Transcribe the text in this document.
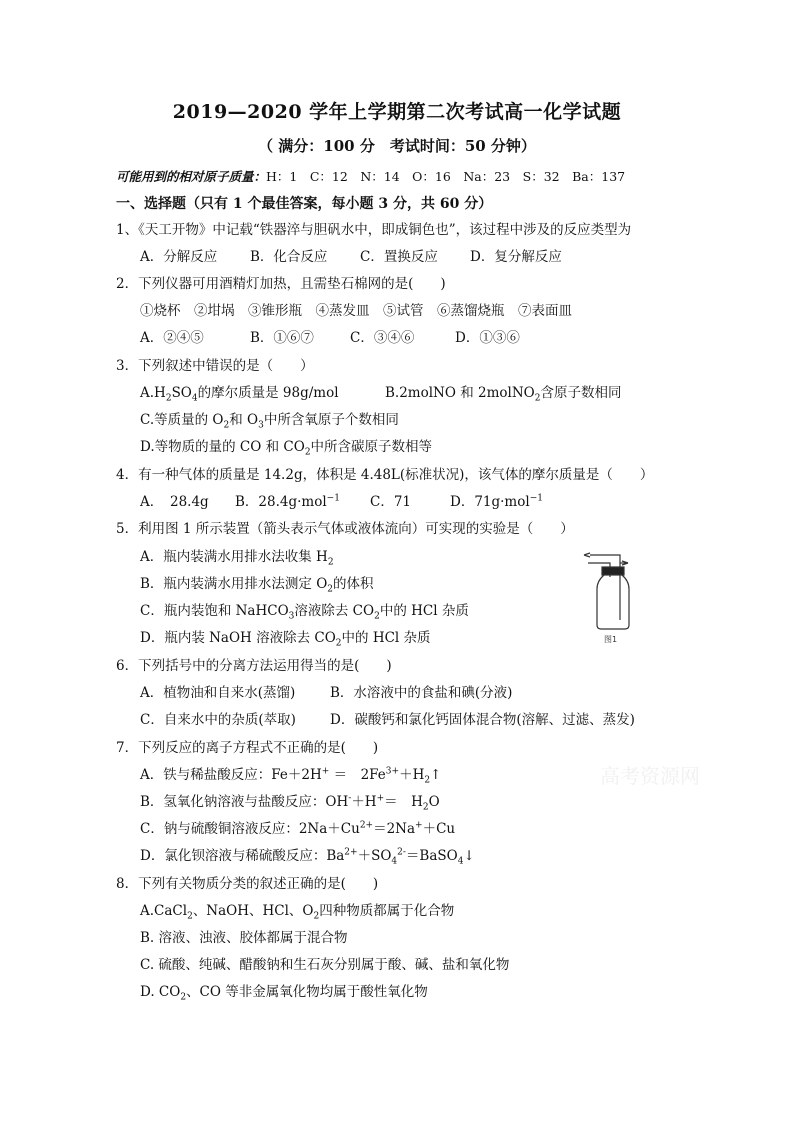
2019—2020 学年上学期第二次考试高一化学试题
（ 满分：100 分　考试时间：50 分钟）
可能用到的相对原子质量：H：1　C：12　N：14　O：16　Na：23　S：32　Ba：137
一、选择题（只有 1 个最佳答案，每小题 3 分，共 60 分）
1、《天工开物》中记载“铁器淬与胆矾水中，即成铜色也”，该过程中涉及的反应类型为
A．分解反应 B．化合反应 C．置换反应 D．复分解反应
2．下列仪器可用酒精灯加热，且需垫石棉网的是(　　)
①烧杯　②坩埚　③锥形瓶　④蒸发皿　⑤试管　⑥蒸馏烧瓶　⑦表面皿
A．②④⑤	B．①⑥⑦	C．③④⑥	D．①③⑥
3．下列叙述中错误的是（　　）
$A.H_2SO_4$的摩尔质量是 98g/mol	B.2molNO 和 2molNO$_2$含原子数相同
C.等质量的 $O_2$和 $O_3$中所含氧原子个数相同
D.等物质的量的 CO 和 $CO_2$中所含碳原子数相等
4．有一种气体的质量是 14.2g，体积是 4.48L(标准状况)，该气体的摩尔质量是（　　）
A．　28.4g B．28.4g·mol$^{-1}$ C．71	D．71g·mol$^{-1}$
5．利用图 1 所示装置（箭头表示气体或液体流向）可实现的实验是（　　）
A．瓶内装满水用排水法收集 $H_2$
B．瓶内装满水用排水法测定 $O_2$的体积
C．瓶内装饱和 NaHCO$_3$溶液除去 $CO_2$中的 HCl 杂质
D．瓶内装 NaOH 溶液除去 $CO_2$中的 HCl 杂质	图1
6．下列括号中的分离方法运用得当的是(　　)
A．植物油和自来水(蒸馏)	B．水溶液中的食盐和碘(分液)
C．自来水中的杂质(萃取)	D．碳酸钙和氯化钙固体混合物(溶解、过滤、蒸发)
7．下列反应的离子方程式不正确的是(　　)
A．铁与稀盐酸反应：Fe＋2H+ ＝　$2Fe^{3+}+H_2↑$
B．氢氧化钠溶液与盐酸反应：OH-＋H+＝　$H_2O$
C．钠与硫酸铜溶液反应：$2Na+Cu^{2+}=2Na^++Cu$
D．氯化钡溶液与稀硫酸反应：$Ba^{2+}+SO_4^{2-}=BaSO_4↓$
8．下列有关物质分类的叙述正确的是(　　)
A.CaCl$_2$、NaOH、HCl、$O_2$四种物质都属于化合物
B. 溶液、浊液、胶体都属于混合物
C. 硫酸、纯碱、醋酸钠和生石灰分别属于酸、碱、盐和氧化物
D. $CO_2$、CO 等非金属氧化物均属于酸性氧化物
高考资源网
